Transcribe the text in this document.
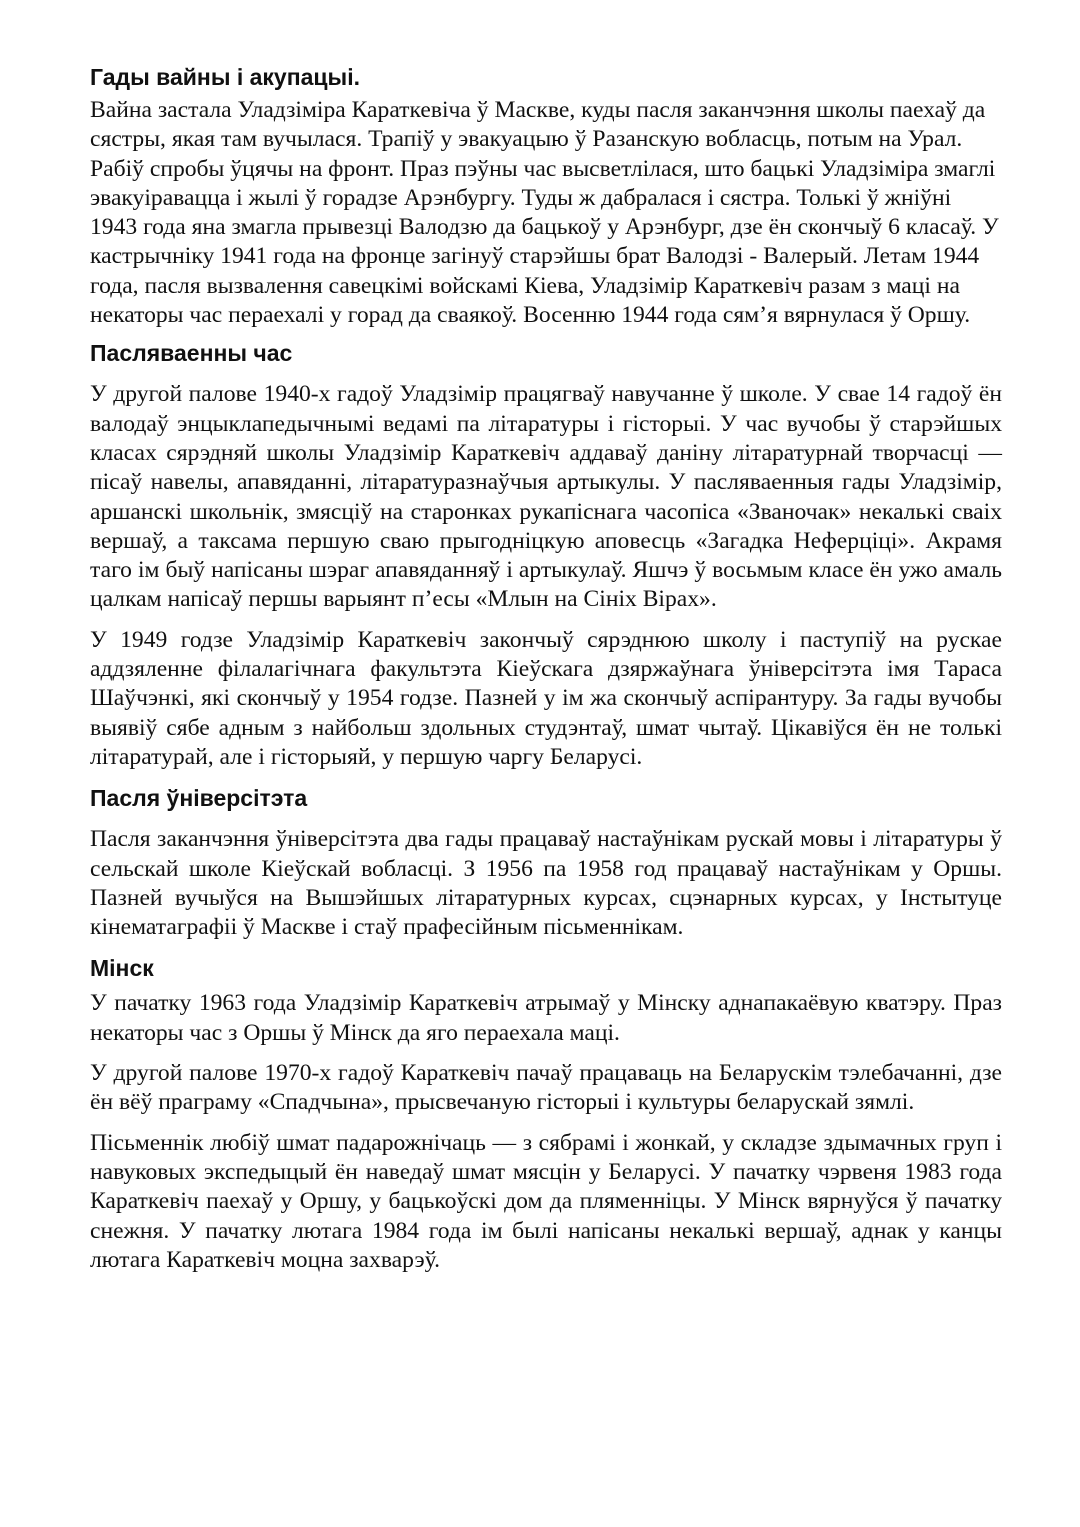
Гады вайны і акупацыі.

Вайна застала Уладзіміра Караткевіча ў Маскве, куды пасля заканчэння школы паехаў да сястры, якая там вучылася. Трапіў у эвакуацыю ў Разанскую вобласць, потым на Урал. Рабіў спробы ўцячы на фронт. Праз пэўны час высветлілася, што бацькі Уладзіміра змаглі эвакуіравацца і жылі ў горадзе Арэнбургу. Туды ж дабралася і сястра. Толькі ў жніўні 1943 года яна змагла прывезці Валодзю да бацькоў у Арэнбург, дзе ён скончыў 6 класаў. У кастрычніку 1941 года на фронце загінуў старэйшы брат Валодзі - Валерый. Летам 1944 года, пасля вызвалення савецкімі войскамі Кіева, Уладзімір Караткевіч разам з маці на некаторы час пераехалі у горад да сваякоў. Восенню 1944 года сям’я вярнулася ў Оршу.

Пасляваенны час

У другой палове 1940-х гадоў Уладзімір працягваў навучанне ў школе. У свае 14 гадоў ён валодаў энцыклапедычнымі ведамі па літаратуры і гісторыі. У час вучобы ў старэйшых класах сярэдняй школы Уладзімір Караткевіч аддаваў даніну літаратурнай творчасці — пісаў навелы, апавяданні, літаратуразнаўчыя артыкулы. У пасляваенныя гады Уладзімір, аршанскі школьнік, змясціў на старонках рукапіснага часопіса «Званочак» некалькі сваіх вершаў, а таксама першую сваю прыгодніцкую аповесць «Загадка Неферціці». Акрамя таго ім быў напісаны шэраг апавяданняў і артыкулаў. Яшчэ ў восьмым класе ён ужо амаль цалкам напісаў першы варыянт п’есы «Млын на Сініх Вірах».

У 1949 годзе Уладзімір Караткевіч закончыў сярэднюю школу і паступіў на рускае аддзяленне філалагічнага факультэта Кіеўскага дзяржаўнага ўніверсітэта імя Тараса Шаўчэнкі, які скончыў у 1954 годзе. Пазней у ім жа скончыў аспірантуру. За гады вучобы выявіў сябе адным з найбольш здольных студэнтаў, шмат чытаў. Цікавіўся ён не толькі літаратурай, але і гісторыяй, у першую чаргу Беларусі.

Пасля ўніверсітэта

Пасля заканчэння ўніверсітэта два гады працаваў настаўнікам рускай мовы і літаратуры ў сельскай школе Кіеўскай вобласці. З 1956 па 1958 год працаваў настаўнікам у Оршы. Пазней вучыўся на Вышэйшых літаратурных курсах, сцэнарных курсах, у Інстытуце кінематаграфіі ў Маскве і стаў прафесійным пісьменнікам.

Мінск

У пачатку 1963 года Уладзімір Караткевіч атрымаў у Мінску аднапакаёвую кватэру. Праз некаторы час з Оршы ў Мінск да яго пераехала маці.

У другой палове 1970-х гадоў Караткевіч пачаў працаваць на Беларускім тэлебачанні, дзе ён вёў праграму «Спадчына», прысвечаную гісторыі і культуры беларускай зямлі.

Пісьменнік любіў шмат падарожнічаць — з сябрамі і жонкай, у складзе здымачных груп і навуковых экспедыцый ён наведаў шмат мясцін у Беларусі. У пачатку чэрвеня 1983 года Караткевіч паехаў у Оршу, у бацькоўскі дом да пляменніцы. У Мінск вярнуўся ў пачатку снежня. У пачатку лютага 1984 года ім былі напісаны некалькі вершаў, аднак у канцы лютага Караткевіч моцна захварэў.
